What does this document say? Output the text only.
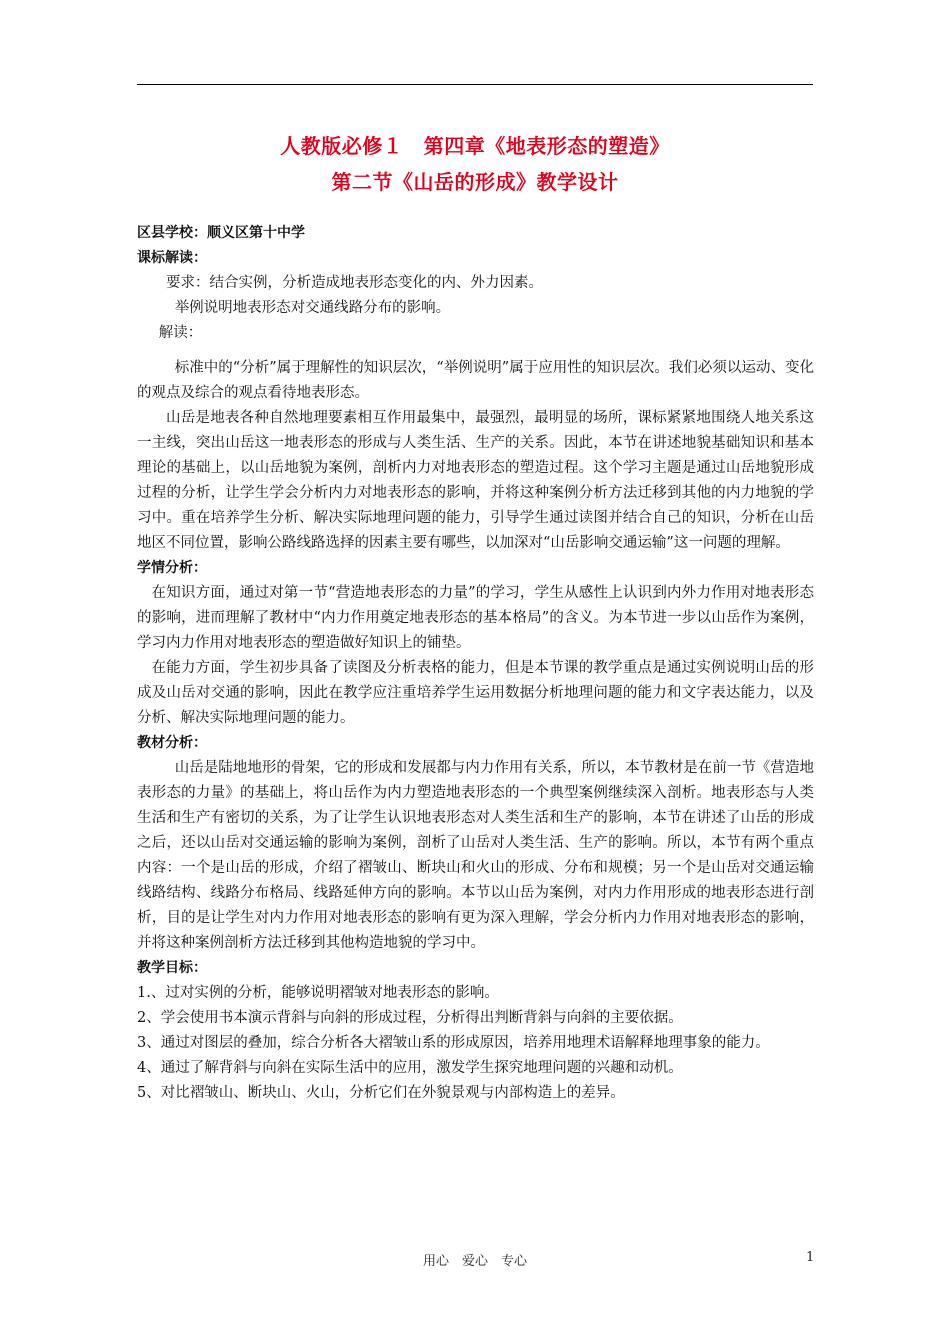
人教版必修１　第四章《地表形态的塑造》
第二节《山岳的形成》教学设计

区县学校：顺义区第十中学

课标解读：

要求：结合实例，分析造成地表形态变化的内、外力因素。

举例说明地表形态对交通线路分布的影响。

解读：

标准中的“分析”属于理解性的知识层次，“举例说明”属于应用性的知识层次。我们必须以运动、变化的观点及综合的观点看待地表形态。

山岳是地表各种自然地理要素相互作用最集中，最强烈，最明显的场所，课标紧紧地围绕人地关系这一主线，突出山岳这一地表形态的形成与人类生活、生产的关系。因此，本节在讲述地貌基础知识和基本理论的基础上，以山岳地貌为案例，剖析内力对地表形态的塑造过程。这个学习主题是通过山岳地貌形成过程的分析，让学生学会分析内力对地表形态的影响，并将这种案例分析方法迁移到其他的内力地貌的学习中。重在培养学生分析、解决实际地理问题的能力，引导学生通过读图并结合自己的知识，分析在山岳地区不同位置，影响公路线路选择的因素主要有哪些，以加深对“山岳影响交通运输”这一问题的理解。

学情分析：

在知识方面，通过对第一节“营造地表形态的力量”的学习，学生从感性上认识到内外力作用对地表形态的影响，进而理解了教材中“内力作用奠定地表形态的基本格局”的含义。为本节进一步以山岳作为案例，学习内力作用对地表形态的塑造做好知识上的铺垫。

在能力方面，学生初步具备了读图及分析表格的能力，但是本节课的教学重点是通过实例说明山岳的形成及山岳对交通的影响，因此在教学应注重培养学生运用数据分析地理问题的能力和文字表达能力，以及分析、解决实际地理问题的能力。

教材分析：

山岳是陆地地形的骨架，它的形成和发展都与内力作用有关系，所以，本节教材是在前一节《营造地表形态的力量》的基础上，将山岳作为内力塑造地表形态的一个典型案例继续深入剖析。地表形态与人类生活和生产有密切的关系，为了让学生认识地表形态对人类生活和生产的影响，本节在讲述了山岳的形成之后，还以山岳对交通运输的影响为案例，剖析了山岳对人类生活、生产的影响。所以，本节有两个重点内容：一个是山岳的形成，介绍了褶皱山、断块山和火山的形成、分布和规模；另一个是山岳对交通运输线路结构、线路分布格局、线路延伸方向的影响。本节以山岳为案例，对内力作用形成的地表形态进行剖析，目的是让学生对内力作用对地表形态的影响有更为深入理解，学会分析内力作用对地表形态的影响，并将这种案例剖析方法迁移到其他构造地貌的学习中。

教学目标：

1.、过对实例的分析，能够说明褶皱对地表形态的影响。

2、学会使用书本演示背斜与向斜的形成过程，分析得出判断背斜与向斜的主要依据。

3、通过对图层的叠加，综合分析各大褶皱山系的形成原因，培养用地理术语解释地理事象的能力。

4、通过了解背斜与向斜在实际生活中的应用，激发学生探究地理问题的兴趣和动机。

5、对比褶皱山、断块山、火山，分析它们在外貌景观与内部构造上的差异。

用心　爱心　专心	1
